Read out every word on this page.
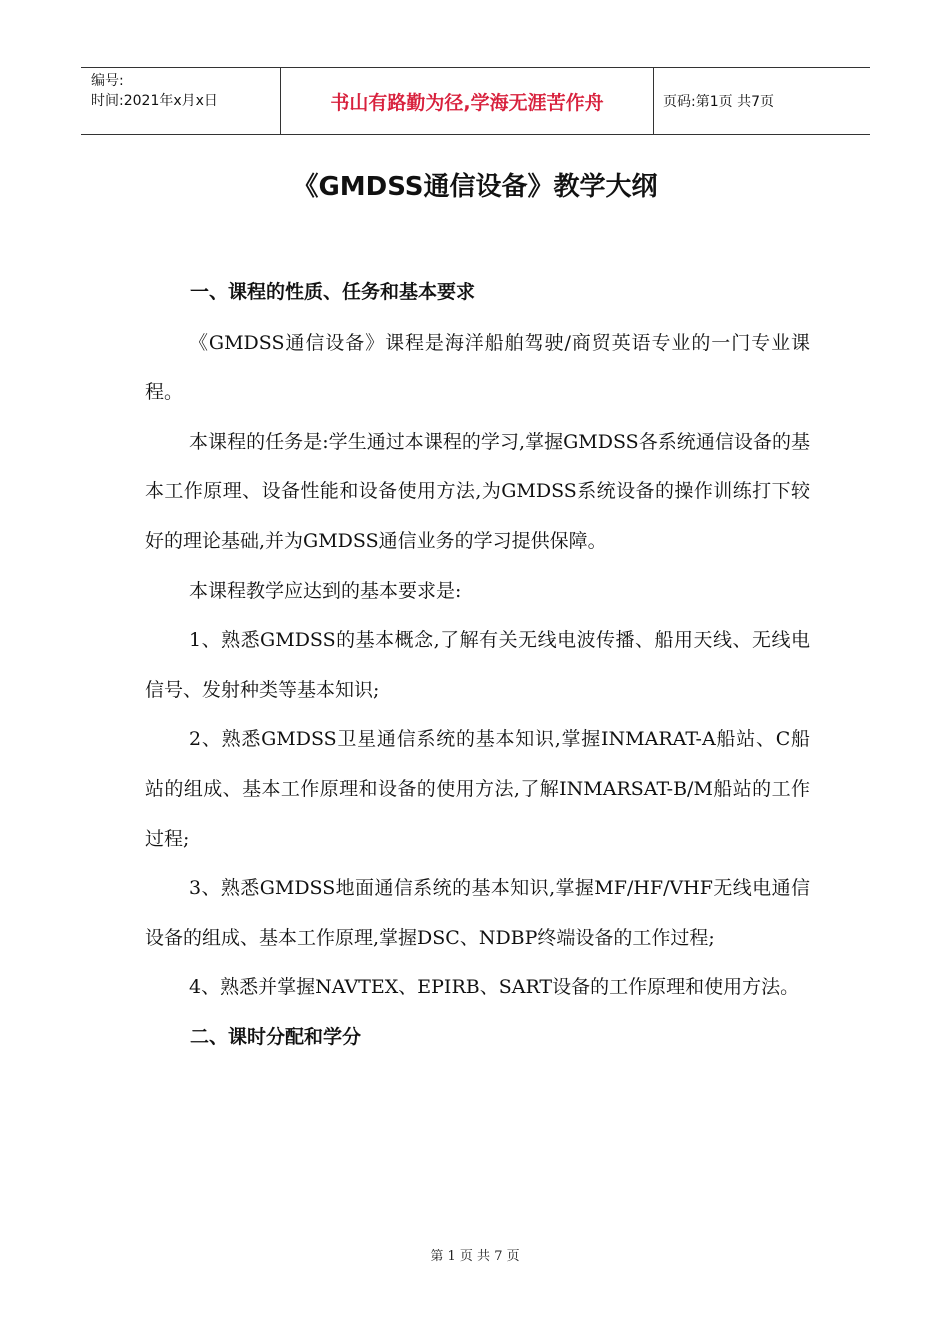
编号:
时间:2021年x月x日	书山有路勤为径,学海无涯苦作舟	页码:第1页 共7页
《GMDSS通信设备》教学大纲

一、课程的性质、任务和基本要求

《GMDSS通信设备》课程是海洋船舶驾驶/商贸英语专业的一门专业课程。

本课程的任务是:学生通过本课程的学习,掌握GMDSS各系统通信设备的基本工作原理、设备性能和设备使用方法,为GMDSS系统设备的操作训练打下较好的理论基础,并为GMDSS通信业务的学习提供保障。

本课程教学应达到的基本要求是:

1、熟悉GMDSS的基本概念,了解有关无线电波传播、船用天线、无线电信号、发射种类等基本知识;

2、熟悉GMDSS卫星通信系统的基本知识,掌握INMARAT-A船站、C船站的组成、基本工作原理和设备的使用方法,了解INMARSAT-B/M船站的工作过程;

3、熟悉GMDSS地面通信系统的基本知识,掌握MF/HF/VHF无线电通信设备的组成、基本工作原理,掌握DSC、NDBP终端设备的工作过程;

4、熟悉并掌握NAVTEX、EPIRB、SART设备的工作原理和使用方法。

二、课时分配和学分

第 1 页 共 7 页
